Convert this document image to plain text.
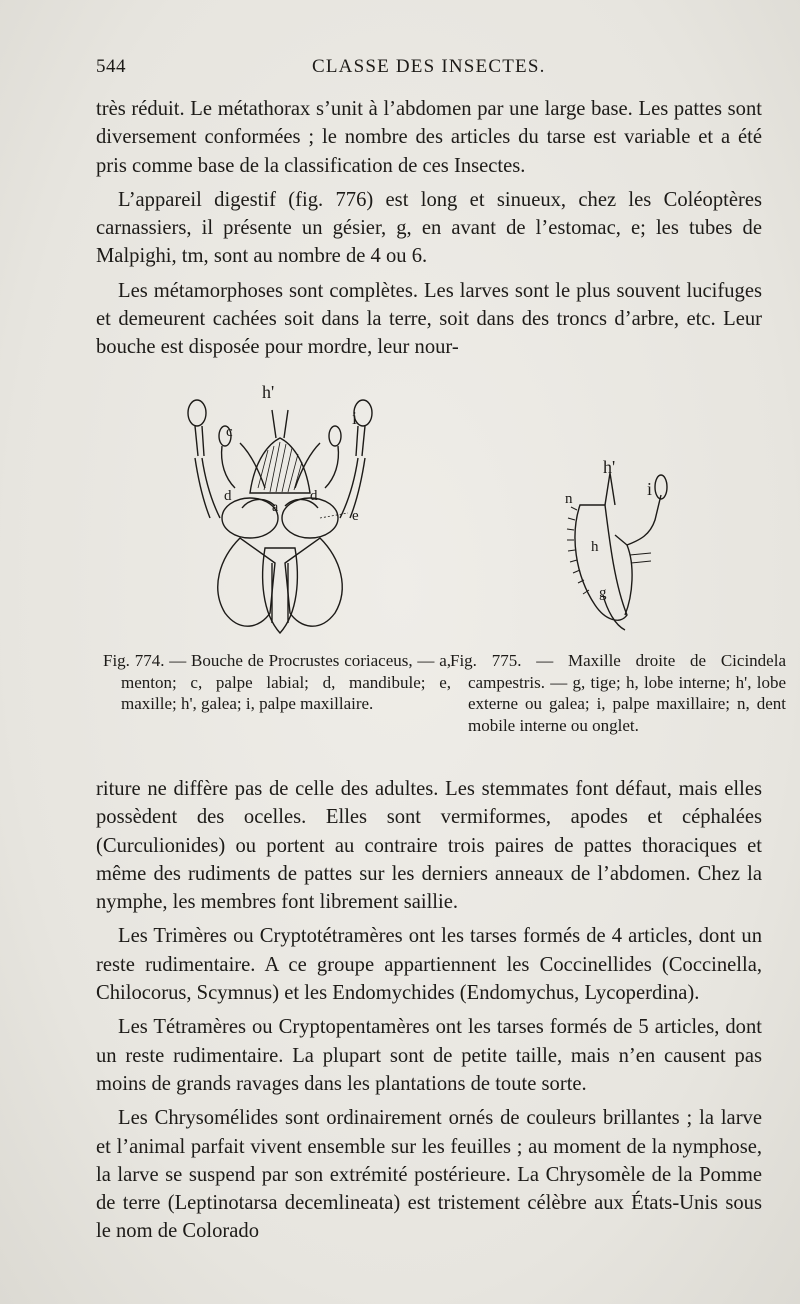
544	CLASSE DES INSECTES.

très réduit. Le métathorax s’unit à l’abdomen par une large base. Les pattes sont diversement conformées ; le nombre des articles du tarse est variable et a été pris comme base de la classification de ces Insectes.

L’appareil digestif (fig. 776) est long et sinueux, chez les Coléoptères carnassiers, il présente un gésier, g, en avant de l’estomac, e; les tubes de Malpighi, tm, sont au nombre de 4 ou 6.

Les métamorphoses sont complètes. Les larves sont le plus souvent lucifuges et demeurent cachées soit dans la terre, soit dans des troncs d’arbre, etc. Leur bouche est disposée pour mordre, leur nour-

h'
i
c
d	d
a
e
h'
i
n
h
g
Fig. 774. — Bouche de Procrustes coriaceus, — a, menton; c, palpe labial; d, mandibule; e, maxille; h', galea; i, palpe maxillaire.
Fig. 775. — Maxille droite de Cicindela campestris. — g, tige; h, lobe interne; h', lobe externe ou galea; i, palpe maxillaire; n, dent mobile interne ou onglet.

riture ne diffère pas de celle des adultes. Les stemmates font défaut, mais elles possèdent des ocelles. Elles sont vermiformes, apodes et céphalées (Curculionides) ou portent au contraire trois paires de pattes thoraciques et même des rudiments de pattes sur les derniers anneaux de l’abdomen. Chez la nymphe, les membres font librement saillie.

Les Trimères ou Cryptotétramères ont les tarses formés de 4 articles, dont un reste rudimentaire. A ce groupe appartiennent les Coccinellides (Coccinella, Chilocorus, Scymnus) et les Endomychides (Endomychus, Lycoperdina).

Les Tétramères ou Cryptopentamères ont les tarses formés de 5 articles, dont un reste rudimentaire. La plupart sont de petite taille, mais n’en causent pas moins de grands ravages dans les plantations de toute sorte.

Les Chrysomélides sont ordinairement ornés de couleurs brillantes ; la larve et l’animal parfait vivent ensemble sur les feuilles ; au moment de la nymphose, la larve se suspend par son extrémité postérieure. La Chrysomèle de la Pomme de terre (Leptinotarsa decemlineata) est tristement célèbre aux États-Unis sous le nom de Colorado
